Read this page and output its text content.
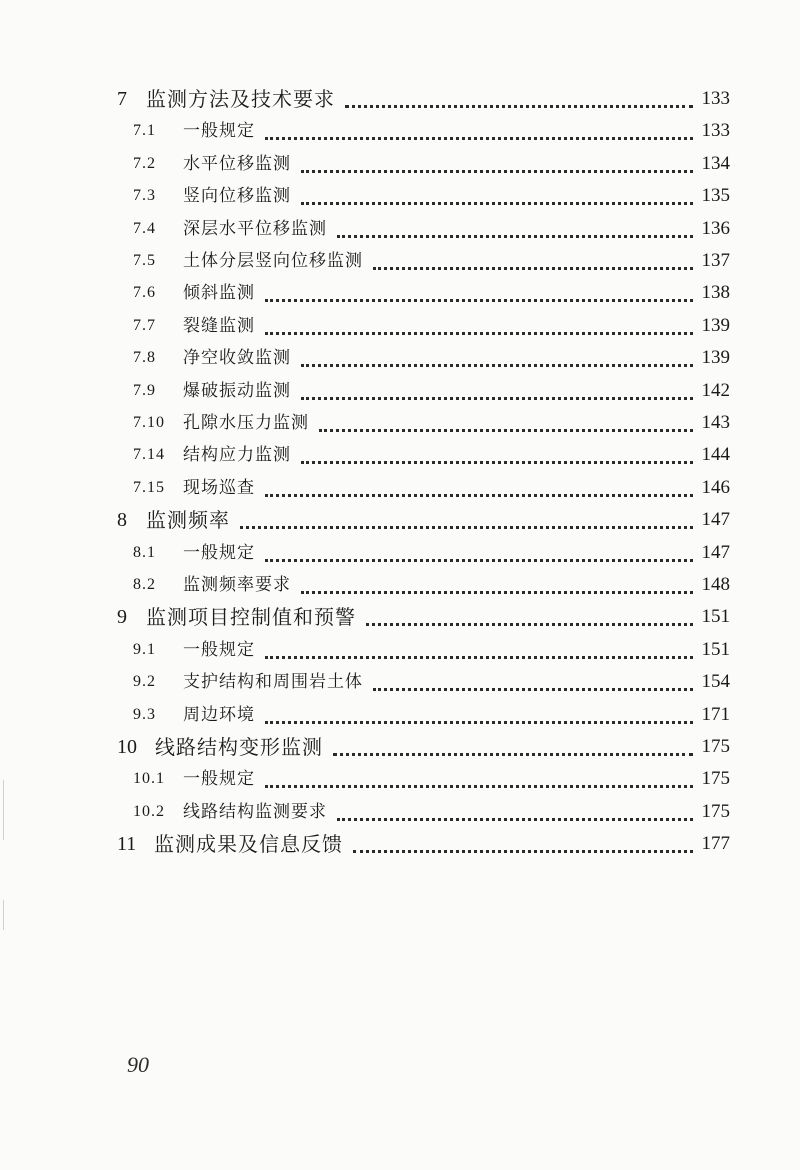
7 监测方法及技术要求	133
7.1 一般规定	133
7.2 水平位移监测	134
7.3 竖向位移监测	135
7.4 深层水平位移监测	136
7.5 土体分层竖向位移监测	137
7.6 倾斜监测	138
7.7 裂缝监测	139
7.8 净空收敛监测	139
7.9 爆破振动监测	142
7.10 孔隙水压力监测	143
7.14 结构应力监测	144
7.15 现场巡查	146
8 监测频率	147
8.1 一般规定	147
8.2 监测频率要求	148
9 监测项目控制值和预警	151
9.1 一般规定	151
9.2 支护结构和周围岩土体	154
9.3 周边环境	171
10 线路结构变形监测	175
10.1 一般规定	175
10.2 线路结构监测要求	175
11 监测成果及信息反馈	177
90
